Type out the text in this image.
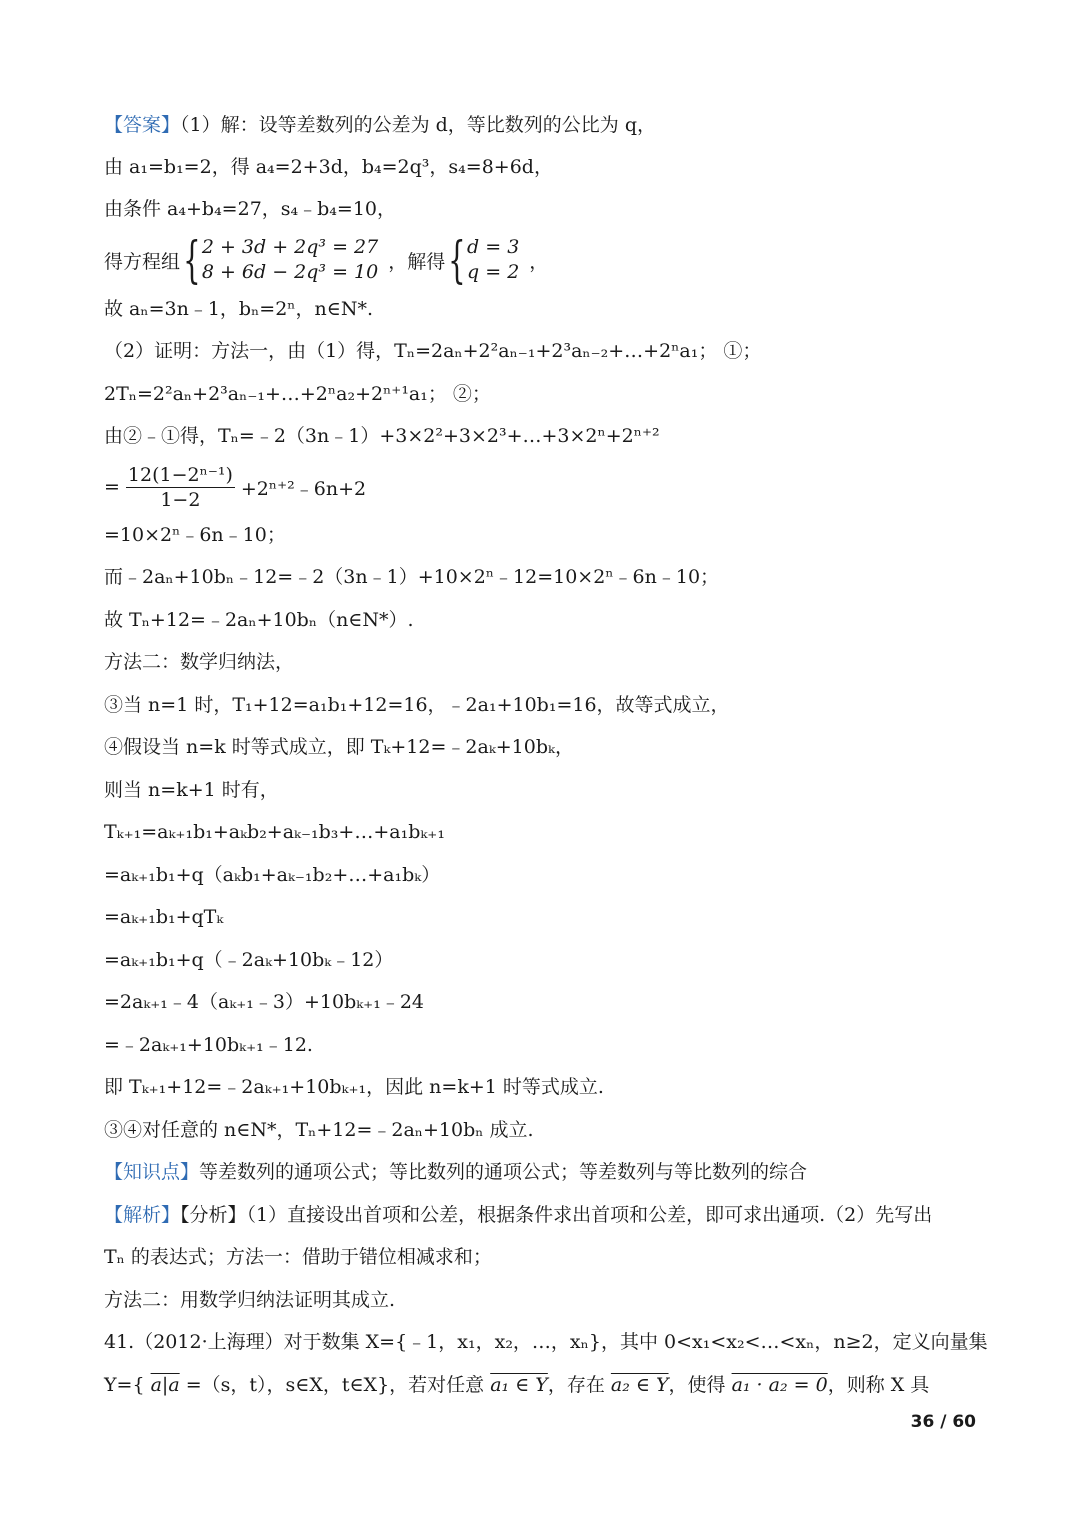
【答案】（1）解：设等差数列的公差为 d，等比数列的公比为 q，
由 a₁=b₁=2，得 a₄=2+3d，b₄=2q³，s₄=8+6d，
由条件 a₄+b₄=27，s₄﹣b₄=10，
得方程组 { 2 + 3d + 2q³ = 27
8 + 6d − 2q³ = 10 ，解得 { d = 3
q = 2 ，
故 aₙ=3n﹣1，bₙ=2ⁿ，n∈N*.
（2）证明：方法一，由（1）得，Tₙ=2aₙ+2²aₙ₋₁+2³aₙ₋₂+…+2ⁿa₁； ①；
2Tₙ=2²aₙ+2³aₙ₋₁+…+2ⁿa₂+2ⁿ⁺¹a₁； ②；
由②﹣①得，Tₙ=﹣2（3n﹣1）+3×2²+3×2³+…+3×2ⁿ+2ⁿ⁺²
= $\frac{\text{12(1−2ⁿ⁻¹)}}{1-2}$ +2ⁿ⁺²﹣6n+2
=10×2ⁿ﹣6n﹣10；
而﹣2aₙ+10bₙ﹣12=﹣2（3n﹣1）+10×2ⁿ﹣12=10×2ⁿ﹣6n﹣10；
故 Tₙ+12=﹣2aₙ+10bₙ（n∈N*）.
方法二：数学归纳法，
③当 n=1 时，T₁+12=a₁b₁+12=16，﹣2a₁+10b₁=16，故等式成立，
④假设当 n=k 时等式成立，即 Tₖ+12=﹣2aₖ+10bₖ，
则当 n=k+1 时有，
Tₖ₊₁=aₖ₊₁b₁+aₖb₂+aₖ₋₁b₃+…+a₁bₖ₊₁
=aₖ₊₁b₁+q（aₖb₁+aₖ₋₁b₂+…+a₁bₖ）
=aₖ₊₁b₁+qTₖ
=aₖ₊₁b₁+q（﹣2aₖ+10bₖ﹣12）
=2aₖ₊₁﹣4（aₖ₊₁﹣3）+10bₖ₊₁﹣24
=﹣2aₖ₊₁+10bₖ₊₁﹣12.
即 Tₖ₊₁+12=﹣2aₖ₊₁+10bₖ₊₁，因此 n=k+1 时等式成立.
③④对任意的 n∈N*，Tₙ+12=﹣2aₙ+10bₙ 成立.
【知识点】等差数列的通项公式；等比数列的通项公式；等差数列与等比数列的综合
【解析】【分析】（1）直接设出首项和公差，根据条件求出首项和公差，即可求出通项.（2）先写出
Tₙ 的表达式；方法一：借助于错位相减求和；
方法二：用数学归纳法证明其成立.
41.（2012·上海理）对于数集 X={﹣1，x₁，x₂，…，xₙ}，其中 0<x₁<x₂<…<xₙ，n≥2，定义向量集
Y={ a|a =（s，t），s∈X，t∈X}，若对任意 a₁ ∈ Y，存在 a₂ ∈ Y，使得 a₁ · a₂ = 0，则称 X 具
36 / 60
